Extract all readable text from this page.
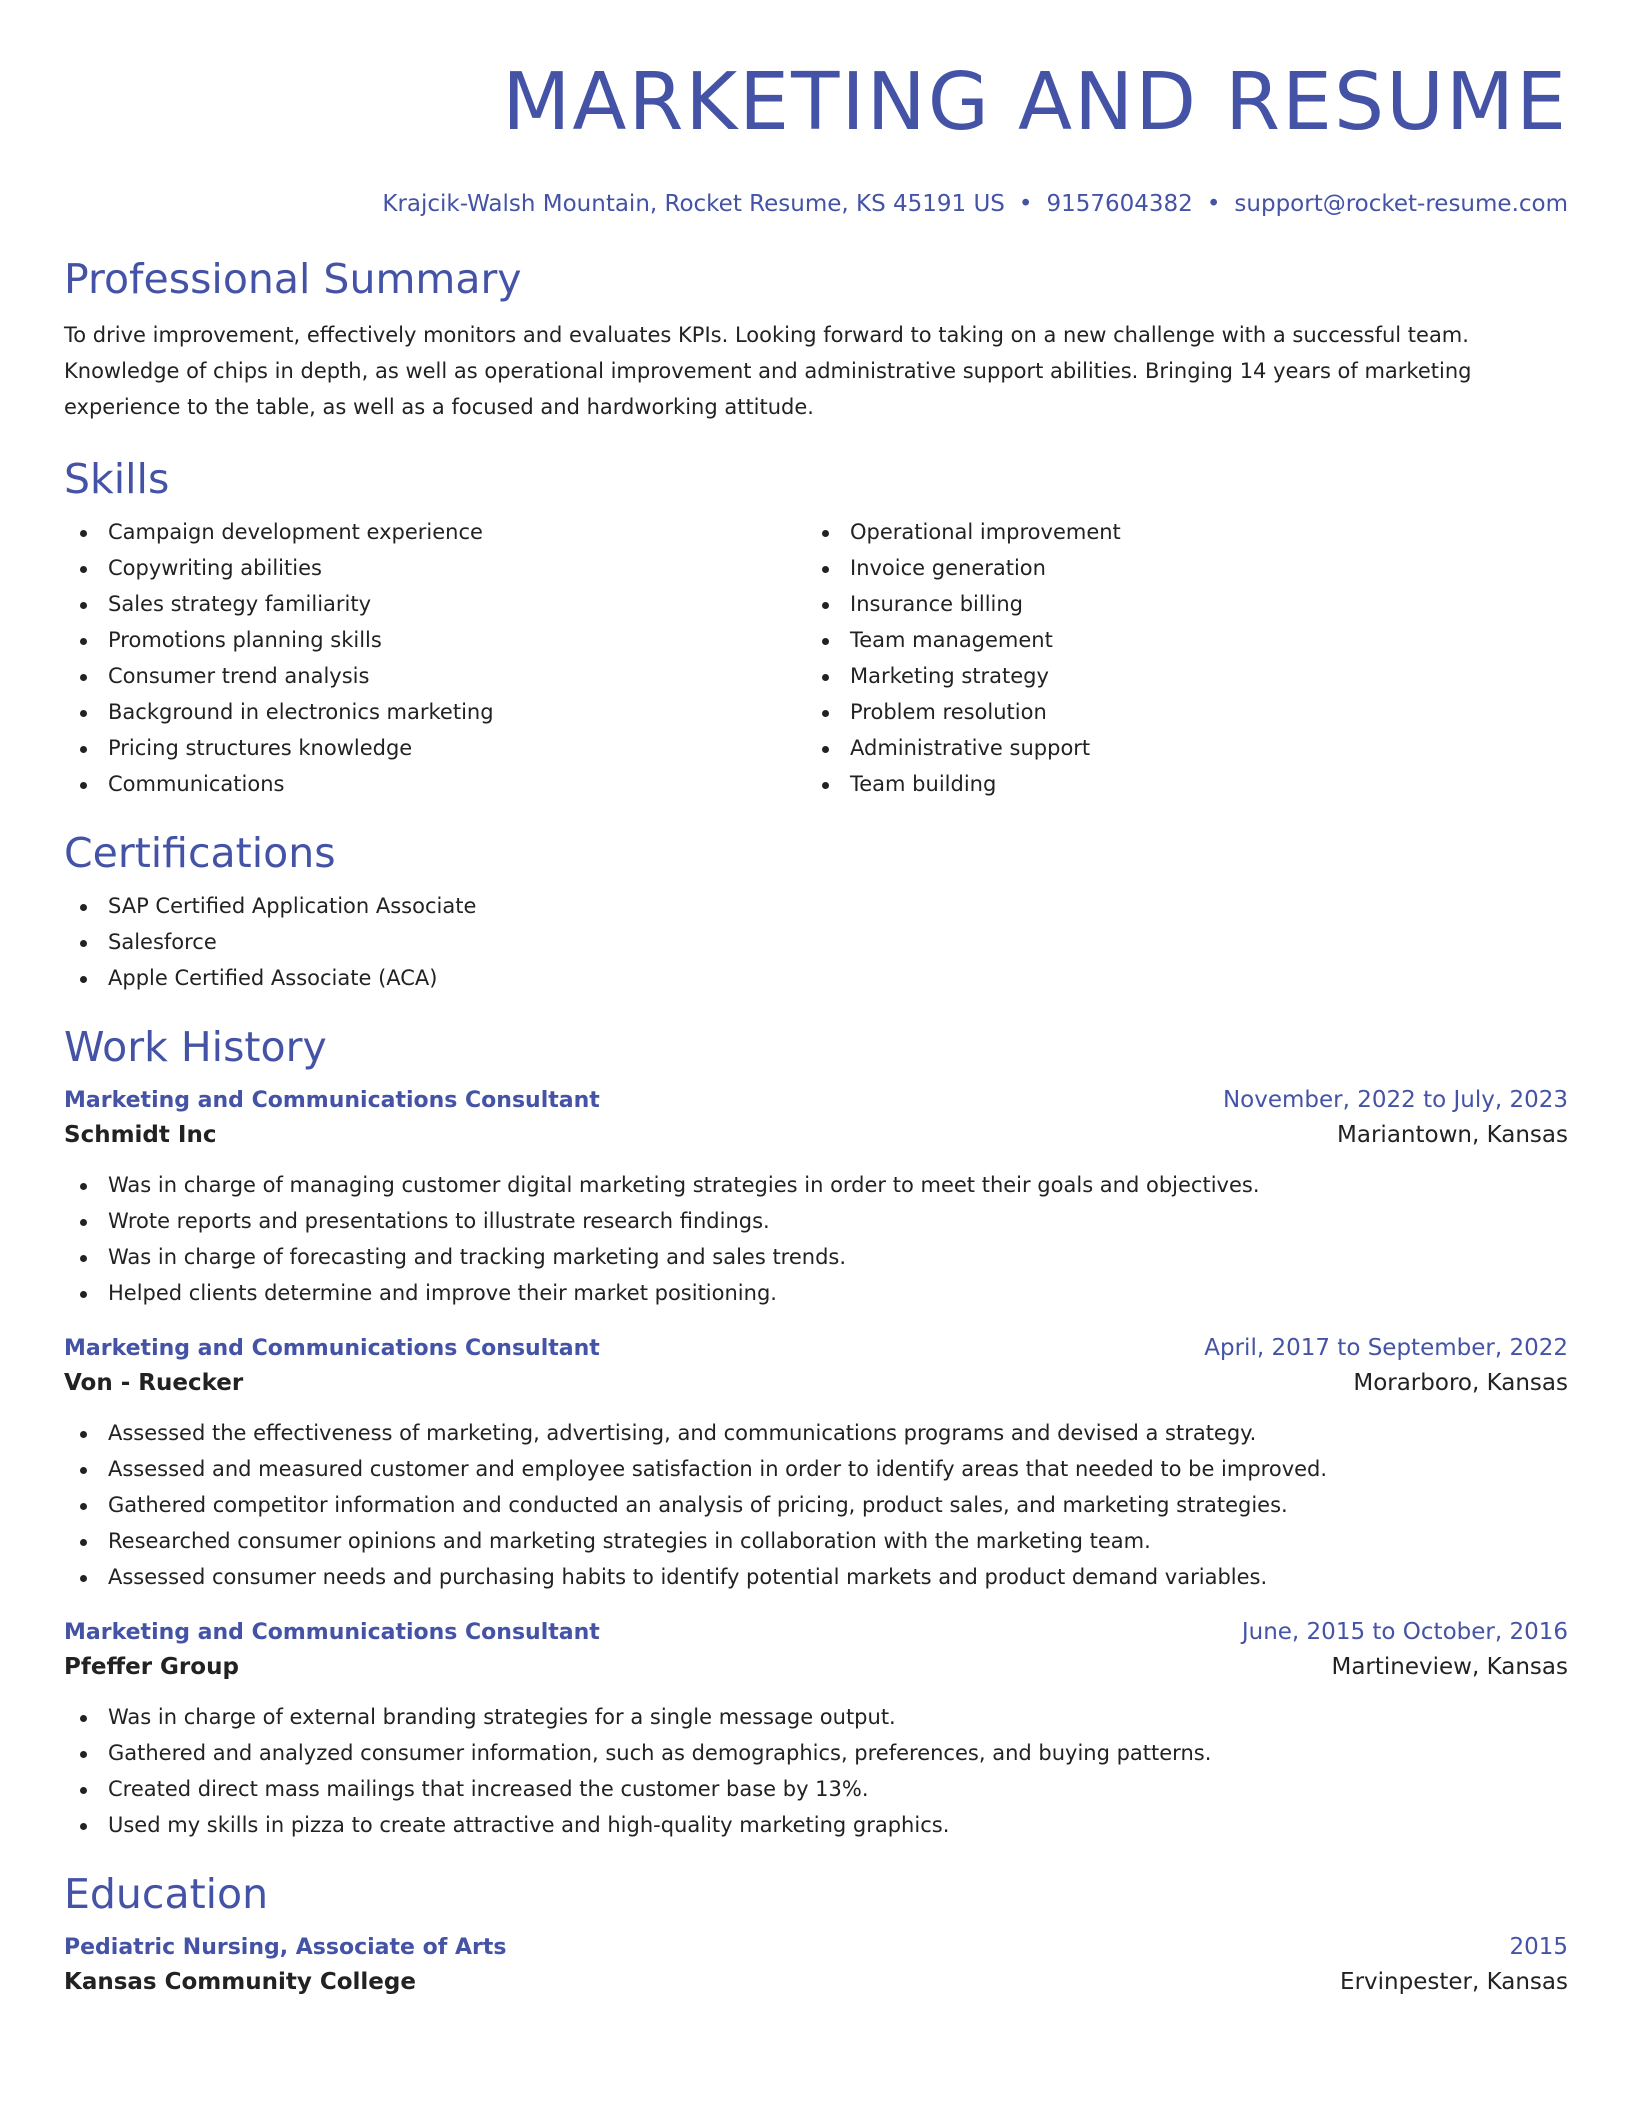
MARKETING AND RESUME
Krajcik-Walsh Mountain, Rocket Resume, KS 45191 US • 9157604382 • support@rocket-resume.com
Professional Summary

To drive improvement, effectively monitors and evaluates KPIs. Looking forward to taking on a new challenge with a successful team.

Knowledge of chips in depth, as well as operational improvement and administrative support abilities. Bringing 14 years of marketing

experience to the table, as well as a focused and hardworking attitude.

Skills
Campaign development experience
Copywriting abilities
Sales strategy familiarity
Promotions planning skills
Consumer trend analysis
Background in electronics marketing
Pricing structures knowledge
Communications
Operational improvement
Invoice generation
Insurance billing
Team management
Marketing strategy
Problem resolution
Administrative support
Team building
Certifications
SAP Certified Application Associate
Salesforce
Apple Certified Associate (ACA)
Work History
Marketing and Communications Consultant	November, 2022 to July, 2023
Schmidt Inc	Mariantown, Kansas
Was in charge of managing customer digital marketing strategies in order to meet their goals and objectives.
Wrote reports and presentations to illustrate research findings.
Was in charge of forecasting and tracking marketing and sales trends.
Helped clients determine and improve their market positioning.
Marketing and Communications Consultant	April, 2017 to September, 2022
Von - Ruecker	Morarboro, Kansas
Assessed the effectiveness of marketing, advertising, and communications programs and devised a strategy.
Assessed and measured customer and employee satisfaction in order to identify areas that needed to be improved.
Gathered competitor information and conducted an analysis of pricing, product sales, and marketing strategies.
Researched consumer opinions and marketing strategies in collaboration with the marketing team.
Assessed consumer needs and purchasing habits to identify potential markets and product demand variables.
Marketing and Communications Consultant	June, 2015 to October, 2016
Pfeffer Group	Martineview, Kansas
Was in charge of external branding strategies for a single message output.
Gathered and analyzed consumer information, such as demographics, preferences, and buying patterns.
Created direct mass mailings that increased the customer base by 13%.
Used my skills in pizza to create attractive and high-quality marketing graphics.
Education
Pediatric Nursing, Associate of Arts	2015
Kansas Community College	Ervinpester, Kansas
